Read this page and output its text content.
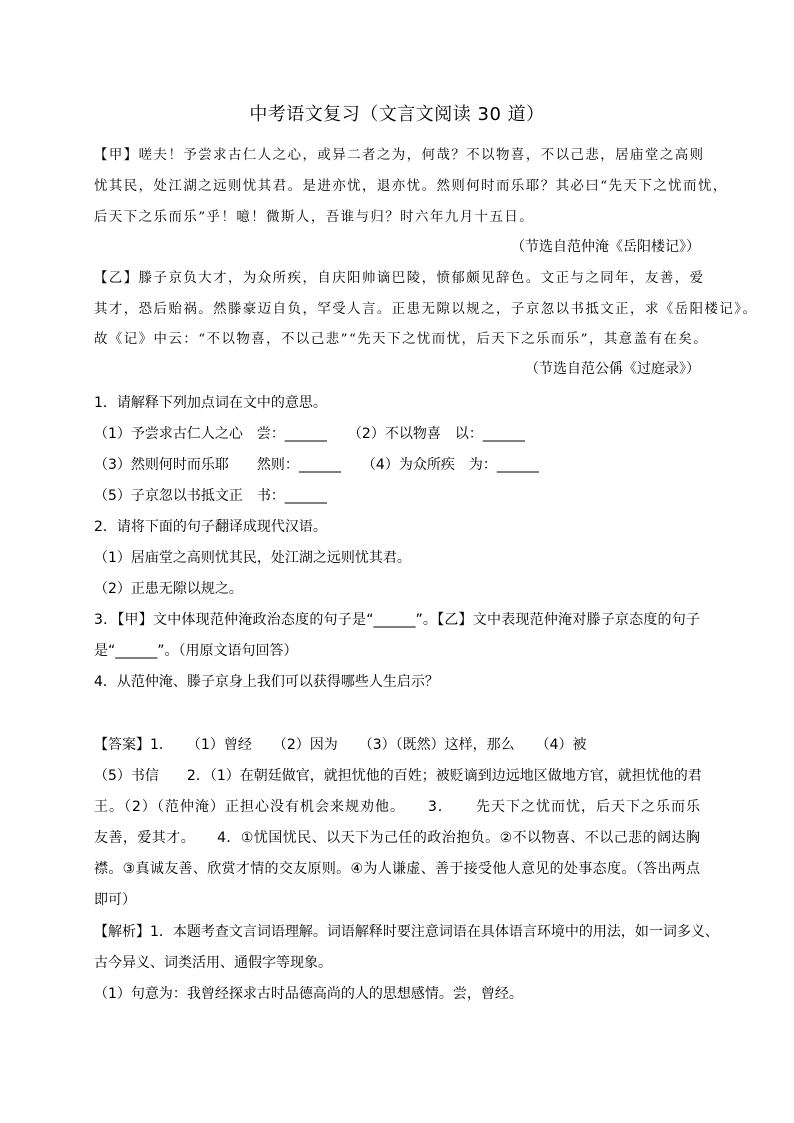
中考语文复习（文言文阅读 30 道）
【甲】嗟夫！予尝求古仁人之心，或异二者之为，何哉？不以物喜，不以己悲，居庙堂之高则
忧其民，处江湖之远则忧其君。是进亦忧，退亦忧。然则何时而乐耶？其必曰“先天下之忧而忧，
后天下之乐而乐”乎！噫！微斯人，吾谁与归？时六年九月十五日。
（节选自范仲淹《岳阳楼记》）
【乙】滕子京负大才，为众所疾，自庆阳帅谪巴陵，愤郁颇见辞色。文正与之同年，友善，爱
其才，恐后贻祸。然滕豪迈自负，罕受人言。正患无隙以规之，子京忽以书抵文正，求《岳阳楼记》。
故《记》中云：“不以物喜，不以己悲”“先天下之忧而忧，后天下之乐而乐”，其意盖有在矣。
（节选自范公偁《过庭录》）
1．请解释下列加点词在文中的意思。
（1）予尝求古仁人之心　尝：______　　（2）不以物喜　以：______
（3）然则何时而乐耶　　然则：______　　（4）为众所疾　为：______
（5）子京忽以书抵文正　书：______
2．请将下面的句子翻译成现代汉语。
（1）居庙堂之高则忧其民，处江湖之远则忧其君。
（2）正患无隙以规之。
3．【甲】文中体现范仲淹政治态度的句子是“______”。【乙】文中表现范仲淹对滕子京态度的句子
是“______”。（用原文语句回答）
4．从范仲淹、滕子京身上我们可以获得哪些人生启示？
【答案】1．　　（1）曾经　　（2）因为　　（3）（既然）这样，那么　　（4）被
（5）书信　　2．（1）在朝廷做官，就担忧他的百姓；被贬谪到边远地区做地方官，就担忧他的君
王。（2）（范仲淹）正担心没有机会来规劝他。　　3．　　先天下之忧而忧，后天下之乐而乐
友善，爱其才。　　4．①忧国忧民、以天下为己任的政治抱负。②不以物喜、不以己悲的阔达胸
襟。③真诚友善、欣赏才情的交友原则。④为人谦虚、善于接受他人意见的处事态度。（答出两点
即可）
【解析】1．本题考查文言词语理解。词语解释时要注意词语在具体语言环境中的用法，如一词多义、
古今异义、词类活用、通假字等现象。
（1）句意为：我曾经探求古时品德高尚的人的思想感情。尝，曾经。
